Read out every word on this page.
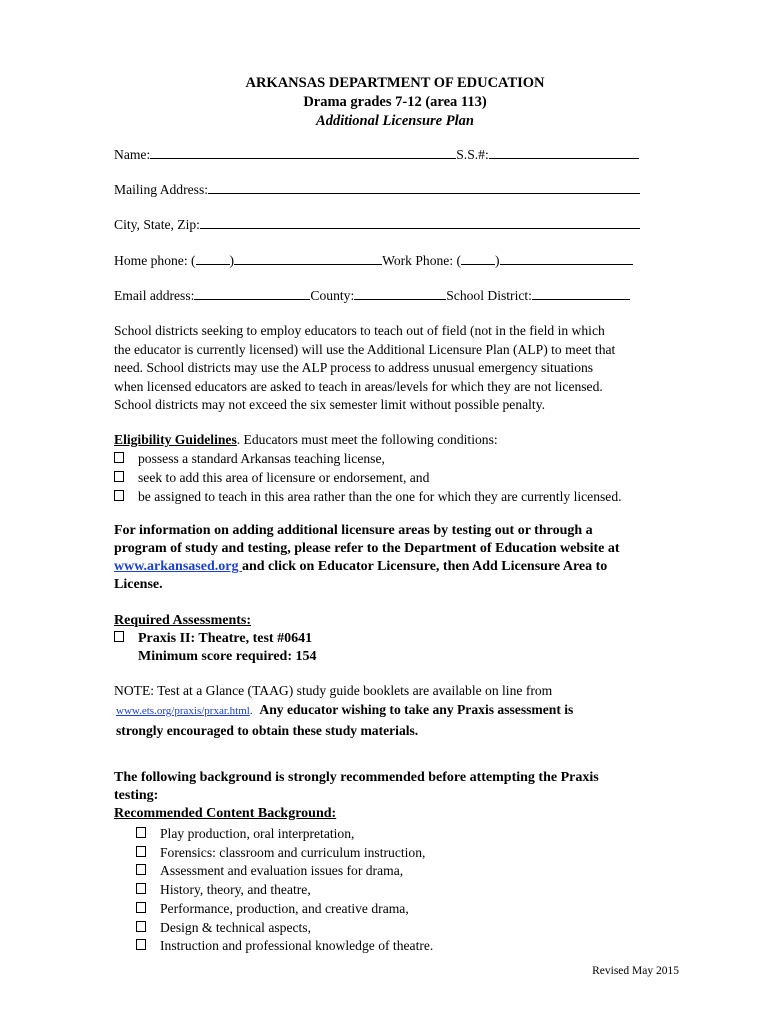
ARKANSAS DEPARTMENT OF EDUCATION
Drama grades 7-12 (area 113)
Additional Licensure Plan
Name:	S.S.#:
Mailing Address:
City, State, Zip:
Home phone: (	)	Work Phone: (	)
Email address:	County:	School District:
School districts seeking to employ educators to teach out of field (not in the field in which
the educator is currently licensed) will use the Additional Licensure Plan (ALP) to meet that
need. School districts may use the ALP process to address unusual emergency situations
when licensed educators are asked to teach in areas/levels for which they are not licensed.
School districts may not exceed the six semester limit without possible penalty.
Eligibility Guidelines. Educators must meet the following conditions:
possess a standard Arkansas teaching license,
seek to add this area of licensure or endorsement, and
be assigned to teach in this area rather than the one for which they are currently licensed.
For information on adding additional licensure areas by testing out or through a
program of study and testing, please refer to the Department of Education website at
www.arkansased.org and click on Educator Licensure, then Add Licensure Area to
License.
Required Assessments:
Praxis II: Theatre, test #0641
Minimum score required: 154
NOTE: Test at a Glance (TAAG) study guide booklets are available on line from
www.ets.org/praxis/prxar.html. Any educator wishing to take any Praxis assessment is
strongly encouraged to obtain these study materials.
The following background is strongly recommended before attempting the Praxis
testing:
Recommended Content Background:
Play production, oral interpretation,
Forensics: classroom and curriculum instruction,
Assessment and evaluation issues for drama,
History, theory, and theatre,
Performance, production, and creative drama,
Design & technical aspects,
Instruction and professional knowledge of theatre.
Revised May 2015
